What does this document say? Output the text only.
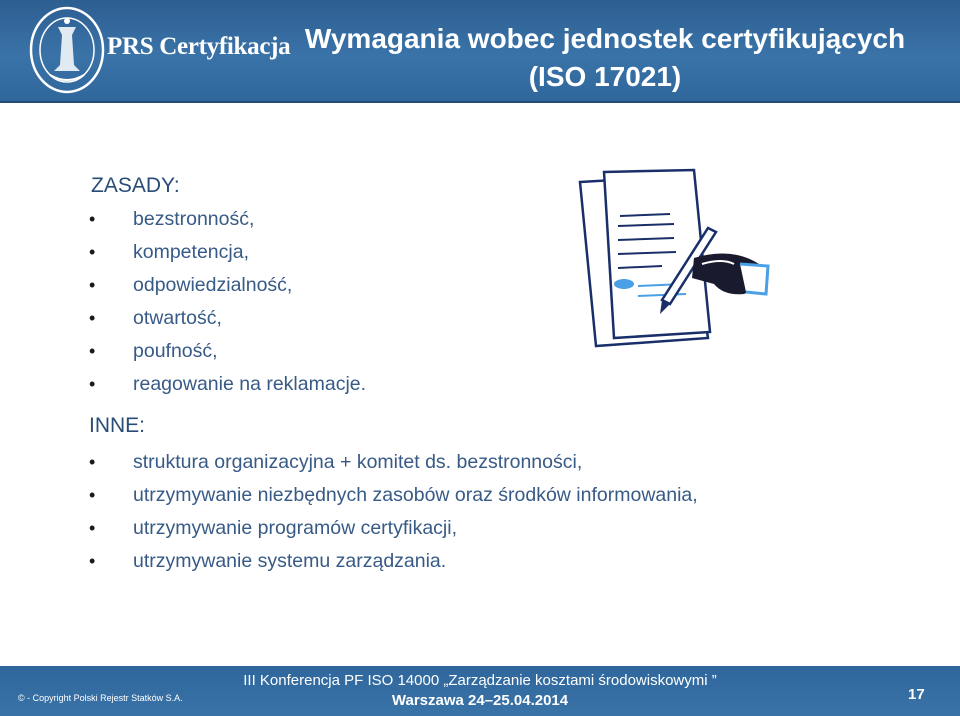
PRS Certyfikacja Wymagania wobec jednostek certyfikujących
(ISO 17021)
ZASADY:
• bezstronność,
• kompetencja,
• odpowiedzialność,
• otwartość,
• poufność,
• reagowanie na reklamacje.
INNE:
• struktura organizacyjna + komitet ds. bezstronności,
• utrzymywanie niezbędnych zasobów oraz środków informowania,
• utrzymywanie programów certyfikacji,
• utrzymywanie systemu zarządzania.
© - Copyright Polski Rejestr Statków S.A.
III Konferencja PF ISO 14000 „Zarządzanie kosztami środowiskowymi ”
Warszawa 24–25.04.2014	17
